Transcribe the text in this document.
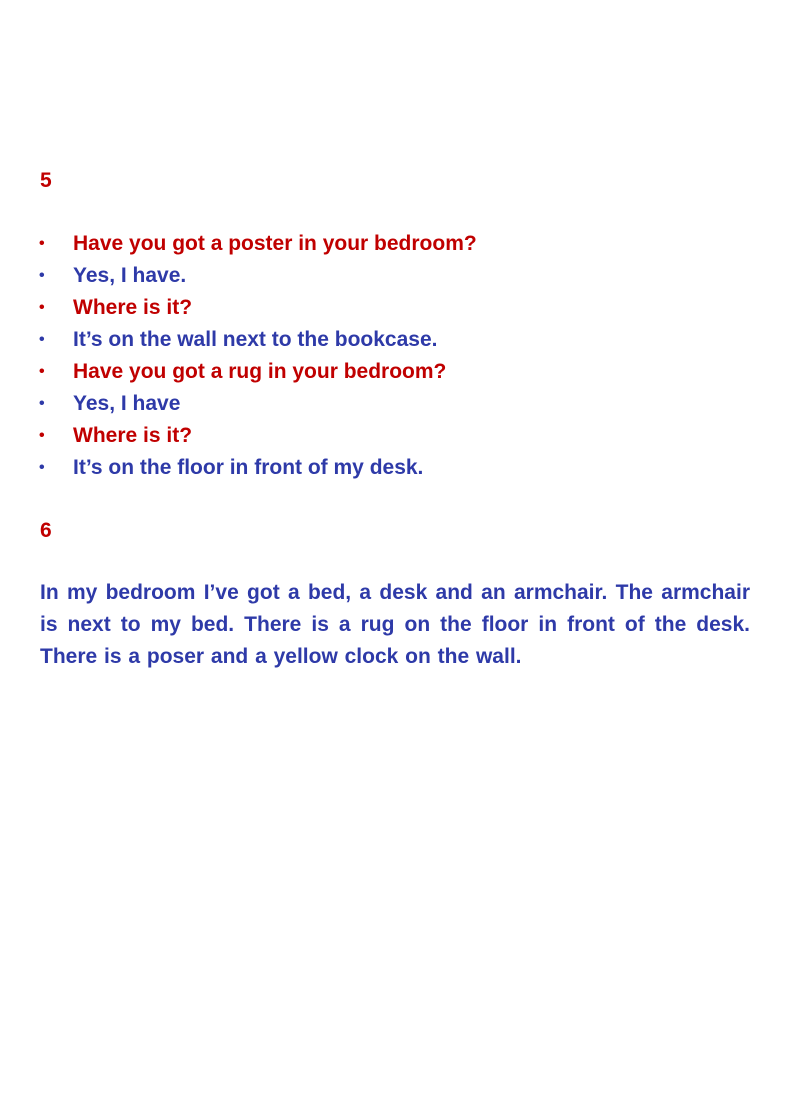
5
• Have you got a poster in your bedroom?
• Yes, I have.
• Where is it?
• It’s on the wall next to the bookcase.
• Have you got a rug in your bedroom?
• Yes, I have
• Where is it?
• It’s on the floor in front of my desk.
6

In my bedroom I’ve got a bed, a desk and an armchair. The armchair is next to my bed. There is a rug on the floor in front of the desk. There is a poser and a yellow clock on the wall.
